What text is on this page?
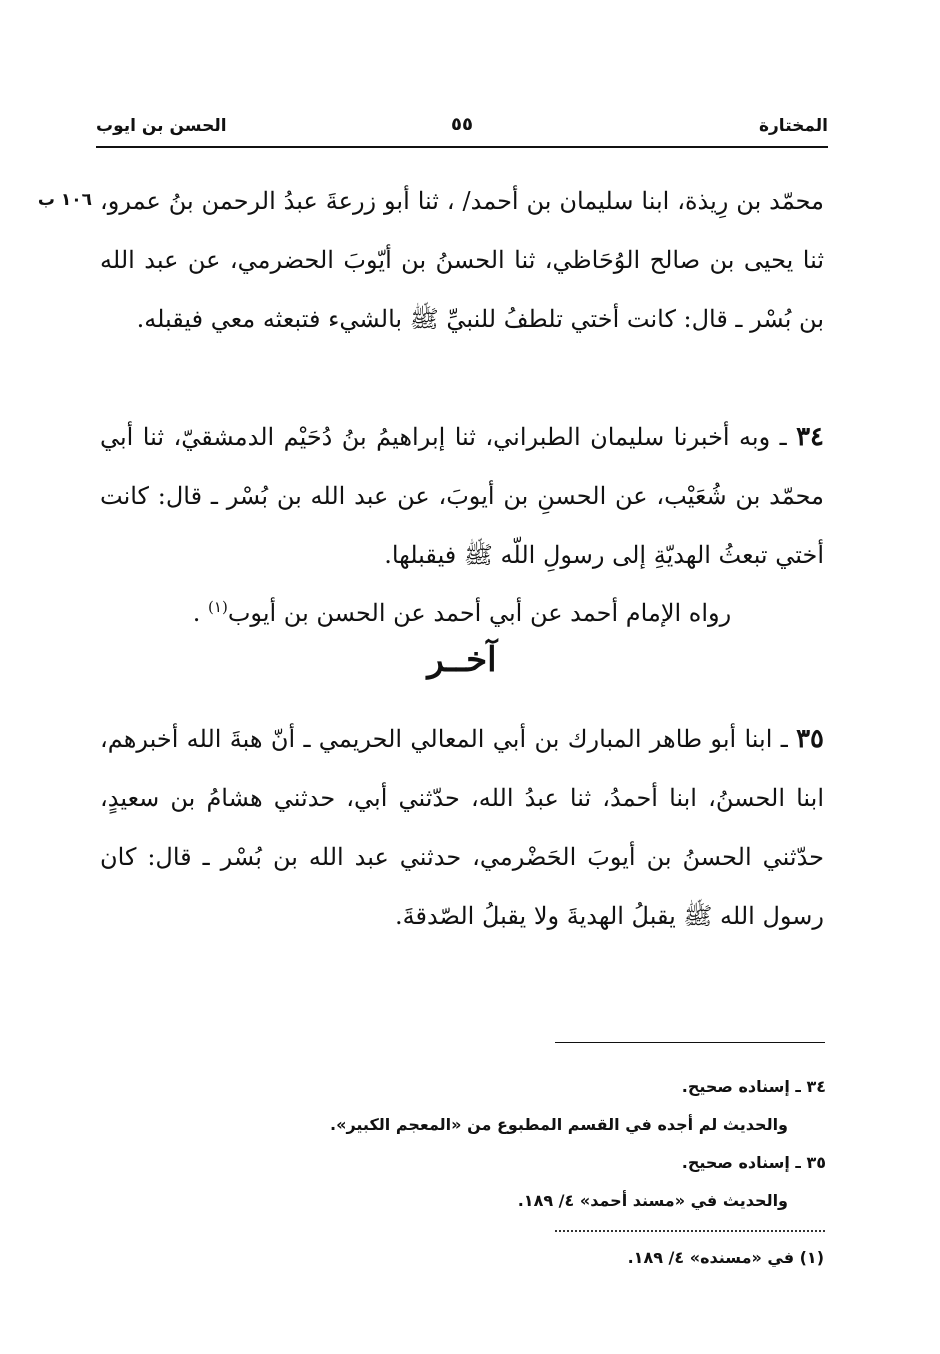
المختارة
٥٥
الحسن بن ايوب
١٠٦ ب محمّد بن رِيذة، ابنا سليمان بن أحمد/ ، ثنا أبو زرعةَ عبدُ الرحمن بنُ عمرو، ثنا يحيى بن صالح الوُحَاظي، ثنا الحسنُ بن أيّوبَ الحضرمي، عن عبد الله بن بُسْر ـ قال: كانت أختي تلطفُ للنبيِّ ﷺ بالشيء فتبعثه معي فيقبله.
٣٤ ـ وبه أخبرنا سليمان الطبراني، ثنا إبراهيمُ بنُ دُحَيْم الدمشقيّ، ثنا أبي محمّد بن شُعَيْب، عن الحسنِ بن أيوبَ، عن عبد الله بن بُسْر ـ قال: كانت أختي تبعثُ الهديّةِ إلى رسولِ اللّه ﷺ فيقبلها.
رواه الإمام أحمد عن أبي أحمد عن الحسن بن أيوب$^{(١)}$ .
آخــر
٣٥ ـ ابنا أبو طاهر المبارك بن أبي المعالي الحريمي ـ أنّ هبةَ الله أخبرهم، ابنا الحسنُ، ابنا أحمدُ، ثنا عبدُ الله، حدّثني أبي، حدثني هشامُ بن سعيدٍ، حدّثني الحسنُ بن أيوبَ الحَضْرمي، حدثني عبد الله بن بُسْر ـ قال: كان رسول الله ﷺ يقبلُ الهديةَ ولا يقبلُ الصّدقةَ.
٣٤ ـ إسناده صحيح.
والحديث لم أجده في القسم المطبوع من «المعجم الكبير».
٣٥ ـ إسناده صحيح.
والحديث في «مسند أحمد» ٤/ ١٨٩.
(١) في «مسنده» ٤/ ١٨٩.
